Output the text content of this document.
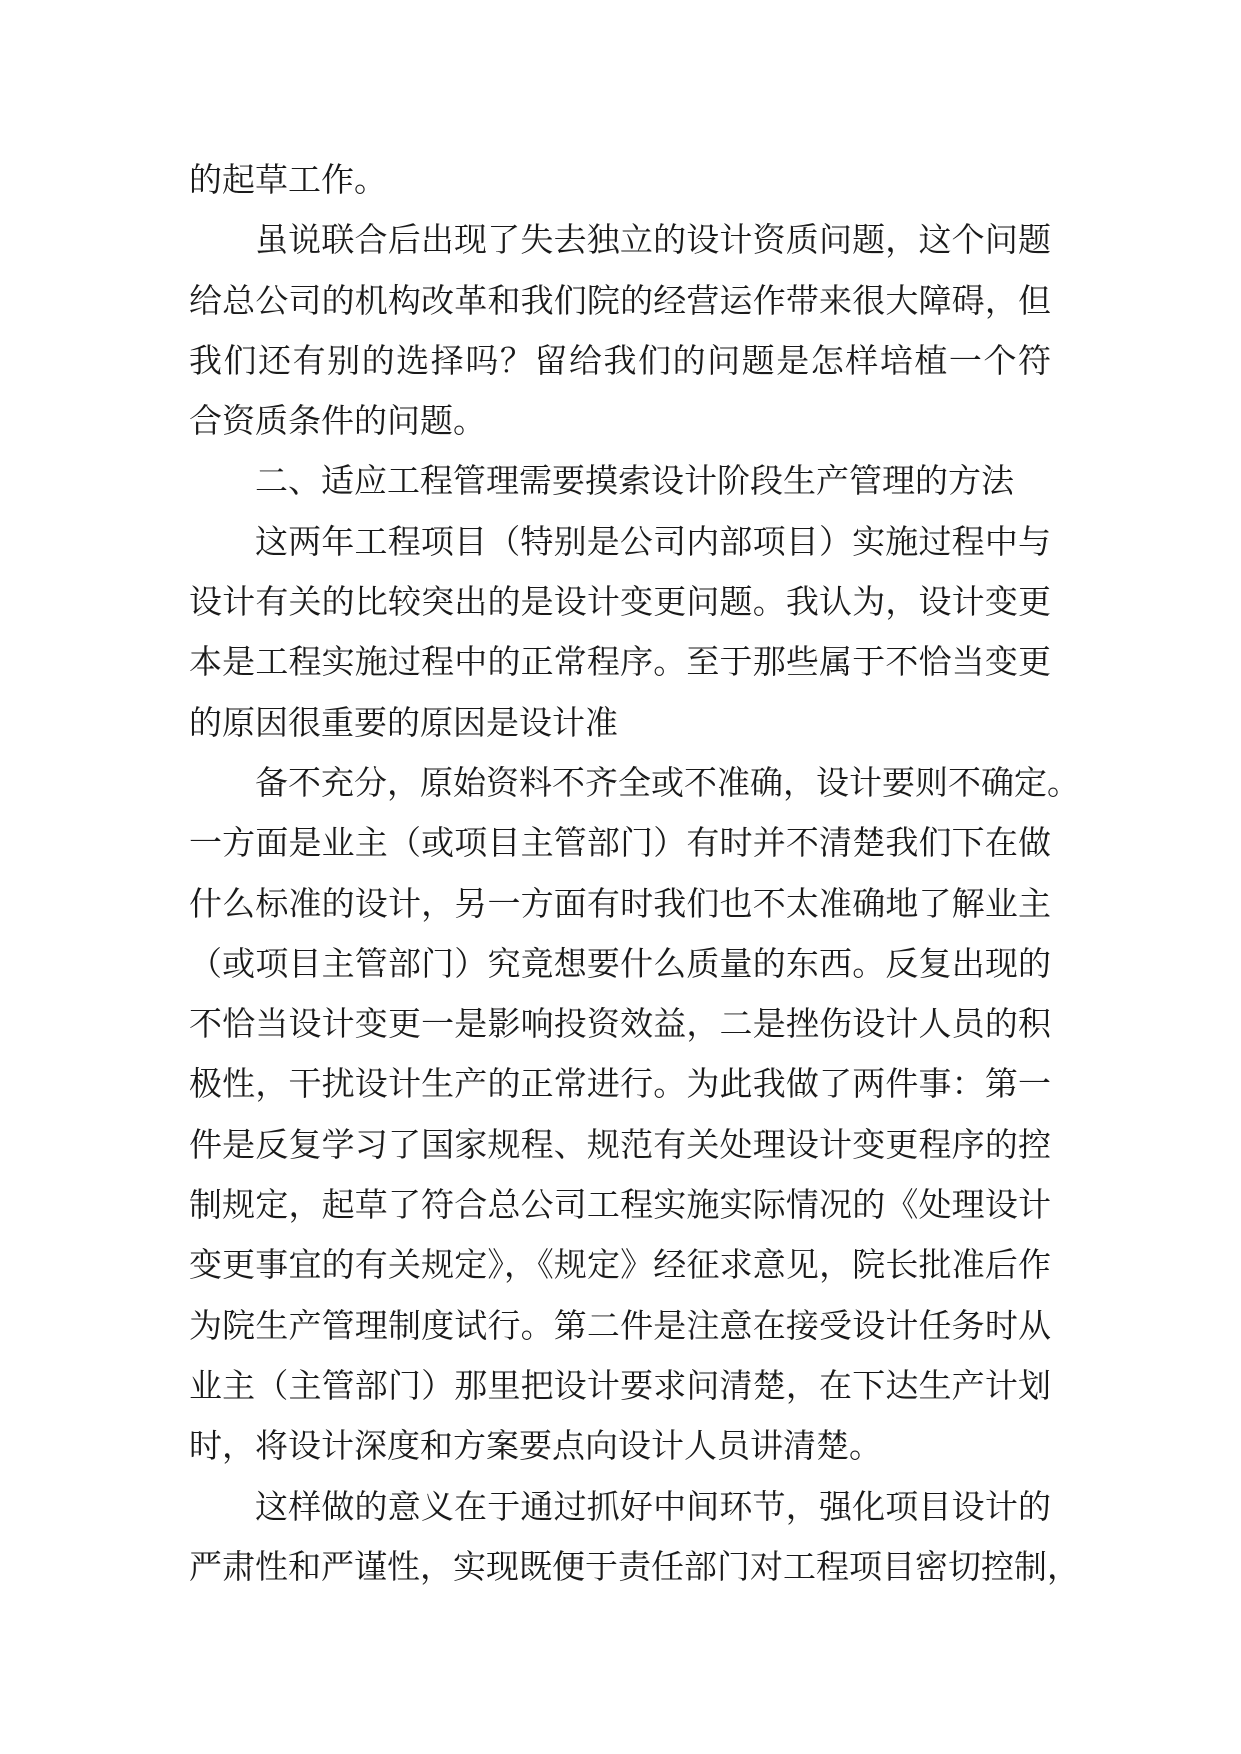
的起草工作。
虽说联合后出现了失去独立的设计资质问题，这个问题
给总公司的机构改革和我们院的经营运作带来很大障碍，但
我们还有别的选择吗？留给我们的问题是怎样培植一个符
合资质条件的问题。
二、适应工程管理需要摸索设计阶段生产管理的方法
这两年工程项目（特别是公司内部项目）实施过程中与
设计有关的比较突出的是设计变更问题。我认为，设计变更
本是工程实施过程中的正常程序。至于那些属于不恰当变更
的原因很重要的原因是设计准
备不充分，原始资料不齐全或不准确，设计要则不确定。
一方面是业主（或项目主管部门）有时并不清楚我们下在做
什么标准的设计，另一方面有时我们也不太准确地了解业主
（或项目主管部门）究竟想要什么质量的东西。反复出现的
不恰当设计变更一是影响投资效益，二是挫伤设计人员的积
极性，干扰设计生产的正常进行。为此我做了两件事：第一
件是反复学习了国家规程、规范有关处理设计变更程序的控
制规定，起草了符合总公司工程实施实际情况的《处理设计
变更事宜的有关规定》，《规定》经征求意见，院长批准后作
为院生产管理制度试行。第二件是注意在接受设计任务时从
业主（主管部门）那里把设计要求问清楚，在下达生产计划
时，将设计深度和方案要点向设计人员讲清楚。
这样做的意义在于通过抓好中间环节，强化项目设计的
严肃性和严谨性，实现既便于责任部门对工程项目密切控制，
